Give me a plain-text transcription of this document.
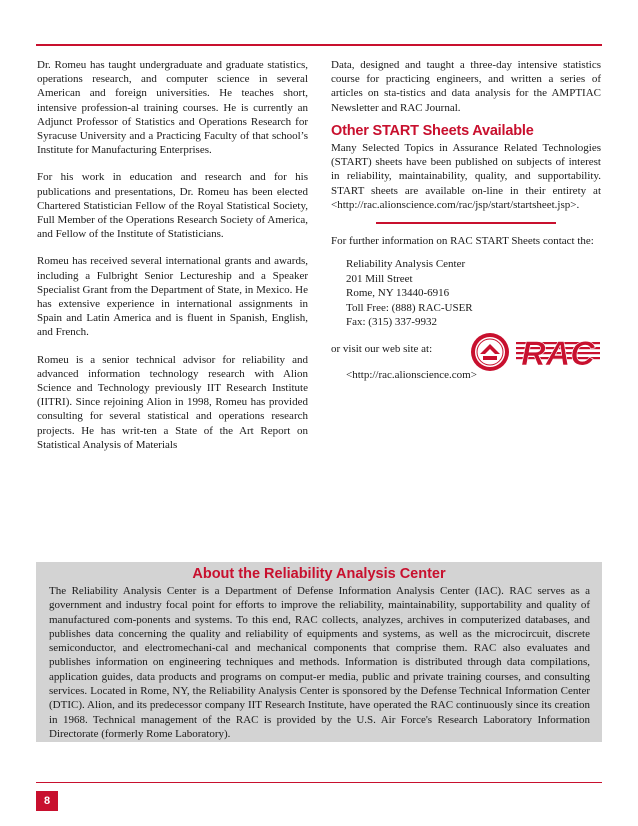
Dr. Romeu has taught undergraduate and graduate statistics, operations research, and computer science in several American and foreign universities. He teaches short, intensive profession-al training courses. He is currently an Adjunct Professor of Statistics and Operations Research for Syracuse University and a Practicing Faculty of that school’s Institute for Manufacturing Enterprises.

For his work in education and research and for his publications and presentations, Dr. Romeu has been elected Chartered Statistician Fellow of the Royal Statistical Society, Full Member of the Operations Research Society of America, and Fellow of the Institute of Statisticians.

Romeu has received several international grants and awards, including a Fulbright Senior Lectureship and a Speaker Specialist Grant from the Department of State, in Mexico. He has extensive experience in international assignments in Spain and Latin America and is fluent in Spanish, English, and French.

Romeu is a senior technical advisor for reliability and advanced information technology research with Alion Science and Technology previously IIT Research Institute (IITRI). Since rejoining Alion in 1998, Romeu has provided consulting for several statistical and operations research projects. He has writ-ten a State of the Art Report on Statistical Analysis of Materials

Data, designed and taught a three-day intensive statistics course for practicing engineers, and written a series of articles on sta-tistics and data analysis for the AMPTIAC Newsletter and RAC Journal.

Other START Sheets Available

Many Selected Topics in Assurance Related Technologies (START) sheets have been published on subjects of interest in reliability, maintainability, quality, and supportability. START sheets are available on-line in their entirety at <http://rac.alionscience.com/rac/jsp/start/startsheet.jsp>.

For further information on RAC START Sheets contact the:

Reliability Analysis Center
201 Mill Street
Rome, NY 13440-6916
Toll Free: (888) RAC-USER
Fax: (315) 337-9932

or visit our web site at:

<http://rac.alionscience.com>

RAC
About the Reliability Analysis Center
The Reliability Analysis Center is a Department of Defense Information Analysis Center (IAC). RAC serves as a government and industry focal point for efforts to improve the reliability, maintainability, supportability and quality of manufactured com-ponents and systems. To this end, RAC collects, analyzes, archives in computerized databases, and publishes data concerning the quality and reliability of equipments and systems, as well as the microcircuit, discrete semiconductor, and electromechani-cal and mechanical components that comprise them. RAC also evaluates and publishes information on engineering techniques and methods. Information is distributed through data compilations, application guides, data products and programs on comput-er media, public and private training courses, and consulting services. Located in Rome, NY, the Reliability Analysis Center is sponsored by the Defense Technical Information Center (DTIC). Alion, and its predecessor company IIT Research Institute, have operated the RAC continuously since its creation in 1968. Technical management of the RAC is provided by the U.S. Air Force's Research Laboratory Information Directorate (formerly Rome Laboratory).
8
